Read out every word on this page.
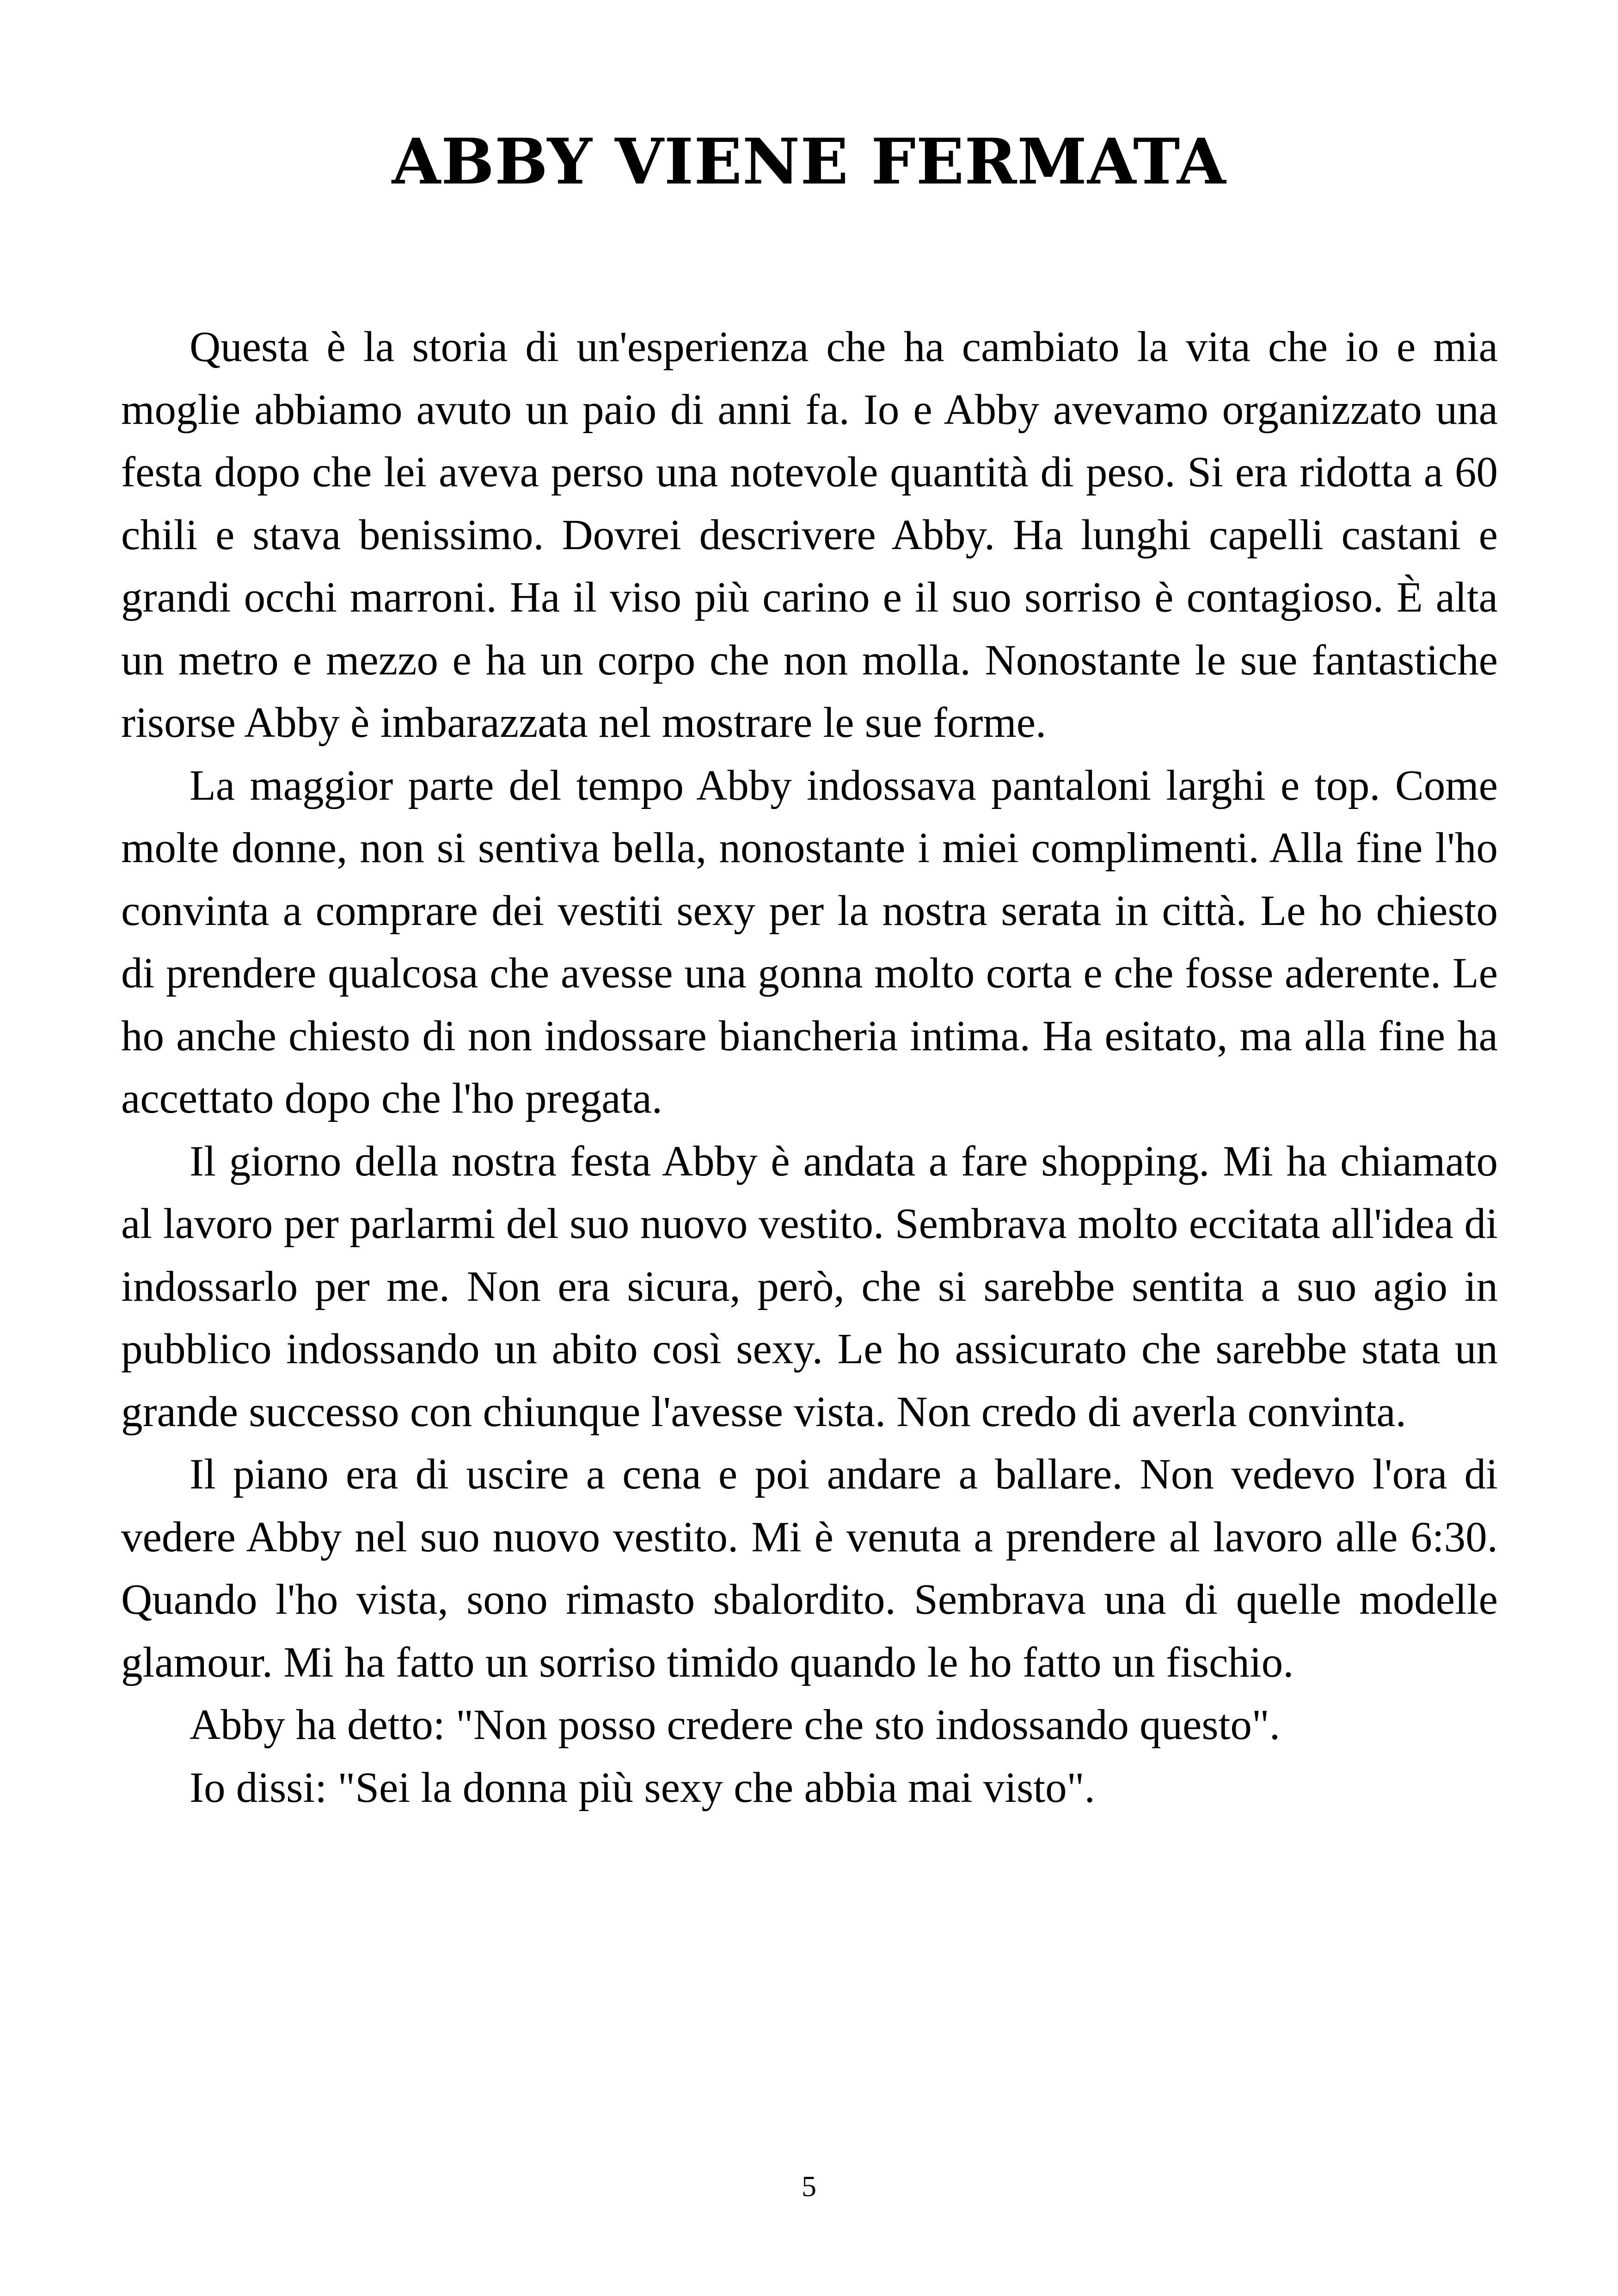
ABBY VIENE FERMATA

Questa è la storia di un'esperienza che ha cambiato la vita che io e mia moglie abbiamo avuto un paio di anni fa. Io e Abby avevamo organizzato una festa dopo che lei aveva perso una notevole quantità di peso. Si era ridotta a 60 chili e stava benissimo. Dovrei descrivere Abby. Ha lunghi capelli castani e grandi occhi marroni. Ha il viso più carino e il suo sorriso è contagioso. È alta un metro e mezzo e ha un corpo che non molla. Nonostante le sue fantastiche risorse Abby è imbarazzata nel mostrare le sue forme.

La maggior parte del tempo Abby indossava pantaloni larghi e top. Come molte donne, non si sentiva bella, nonostante i miei complimenti. Alla fine l'ho convinta a comprare dei vestiti sexy per la nostra serata in città. Le ho chiesto di prendere qualcosa che avesse una gonna molto corta e che fosse aderente. Le ho anche chiesto di non indossare biancheria intima. Ha esitato, ma alla fine ha accettato dopo che l'ho pregata.

Il giorno della nostra festa Abby è andata a fare shopping. Mi ha chiamato al lavoro per parlarmi del suo nuovo vestito. Sembrava molto eccitata all'idea di indossarlo per me. Non era sicura, però, che si sarebbe sentita a suo agio in pubblico indossando un abito così sexy. Le ho assicurato che sarebbe stata un grande successo con chiunque l'avesse vista. Non credo di averla convinta.

Il piano era di uscire a cena e poi andare a ballare. Non vedevo l'ora di vedere Abby nel suo nuovo vestito. Mi è venuta a prendere al lavoro alle 6:30. Quando l'ho vista, sono rimasto sbalordito. Sembrava una di quelle modelle glamour. Mi ha fatto un sorriso timido quando le ho fatto un fischio.

Abby ha detto: "Non posso credere che sto indossando questo".

Io dissi: "Sei la donna più sexy che abbia mai visto".

5
